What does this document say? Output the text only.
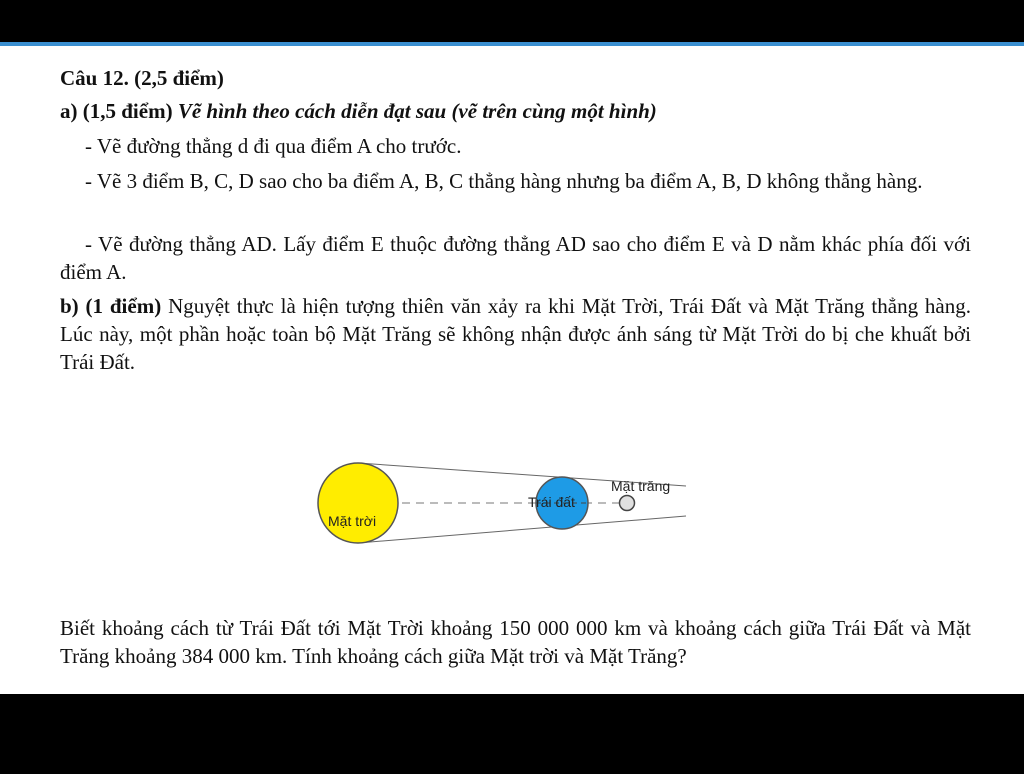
Câu 12. (2,5 điểm)
a) (1,5 điểm) Vẽ hình theo cách diễn đạt sau (vẽ trên cùng một hình)
- Vẽ đường thẳng d đi qua điểm A cho trước.
- Vẽ 3 điểm B, C, D sao cho ba điểm A, B, C thẳng hàng nhưng ba điểm A, B, D không thẳng hàng.
- Vẽ đường thẳng AD. Lấy điểm E thuộc đường thẳng AD sao cho điểm E và D nằm khác phía đối với điểm A.
b) (1 điểm) Nguyệt thực là hiện tượng thiên văn xảy ra khi Mặt Trời, Trái Đất và Mặt Trăng thẳng hàng. Lúc này, một phần hoặc toàn bộ Mặt Trăng sẽ không nhận được ánh sáng từ Mặt Trời do bị che khuất bởi Trái Đất.
Mặt trăng
Trái đất
Mặt trời
Biết khoảng cách từ Trái Đất tới Mặt Trời khoảng 150 000 000 km và khoảng cách giữa Trái Đất và Mặt Trăng khoảng 384 000 km. Tính khoảng cách giữa Mặt trời và Mặt Trăng?
